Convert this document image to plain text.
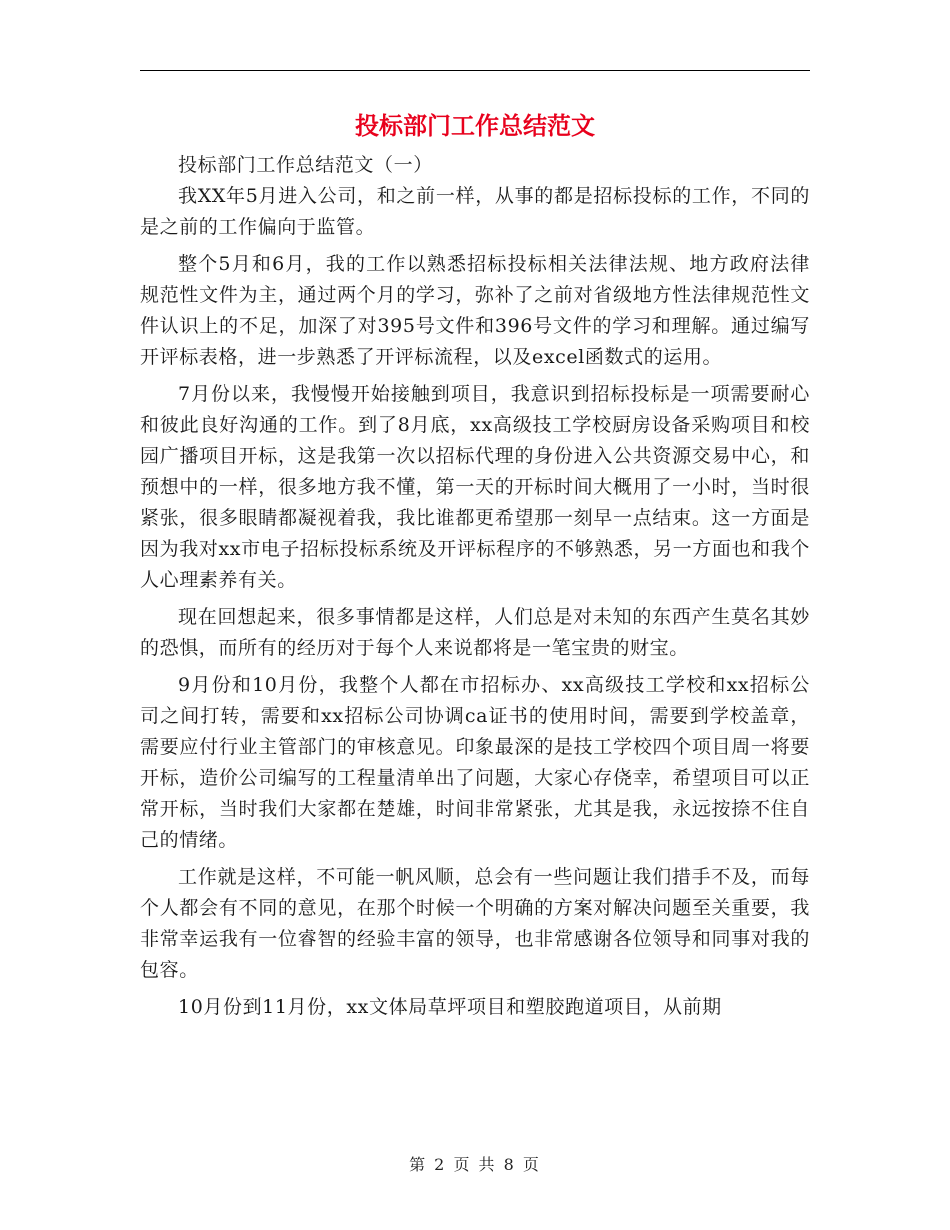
投标部门工作总结范文

投标部门工作总结范文（一）

我XX年5月进入公司，和之前一样，从事的都是招标投标的工作，不同的是之前的工作偏向于监管。

整个5月和6月，我的工作以熟悉招标投标相关法律法规、地方政府法律规范性文件为主，通过两个月的学习，弥补了之前对省级地方性法律规范性文件认识上的不足，加深了对395号文件和396号文件的学习和理解。通过编写开评标表格，进一步熟悉了开评标流程，以及excel函数式的运用。

7月份以来，我慢慢开始接触到项目，我意识到招标投标是一项需要耐心和彼此良好沟通的工作。到了8月底，xx高级技工学校厨房设备采购项目和校园广播项目开标，这是我第一次以招标代理的身份进入公共资源交易中心，和预想中的一样，很多地方我不懂，第一天的开标时间大概用了一小时，当时很紧张，很多眼睛都凝视着我，我比谁都更希望那一刻早一点结束。这一方面是因为我对xx市电子招标投标系统及开评标程序的不够熟悉，另一方面也和我个人心理素养有关。

现在回想起来，很多事情都是这样，人们总是对未知的东西产生莫名其妙的恐惧，而所有的经历对于每个人来说都将是一笔宝贵的财宝。

9月份和10月份，我整个人都在市招标办、xx高级技工学校和xx招标公司之间打转，需要和xx招标公司协调ca证书的使用时间，需要到学校盖章，需要应付行业主管部门的审核意见。印象最深的是技工学校四个项目周一将要开标，造价公司编写的工程量清单出了问题，大家心存侥幸，希望项目可以正常开标，当时我们大家都在楚雄，时间非常紧张，尤其是我，永远按捺不住自己的情绪。

工作就是这样，不可能一帆风顺，总会有一些问题让我们措手不及，而每个人都会有不同的意见，在那个时候一个明确的方案对解决问题至关重要，我非常幸运我有一位睿智的经验丰富的领导，也非常感谢各位领导和同事对我的包容。

10月份到11月份，xx文体局草坪项目和塑胶跑道项目，从前期

第 2 页 共 8 页
